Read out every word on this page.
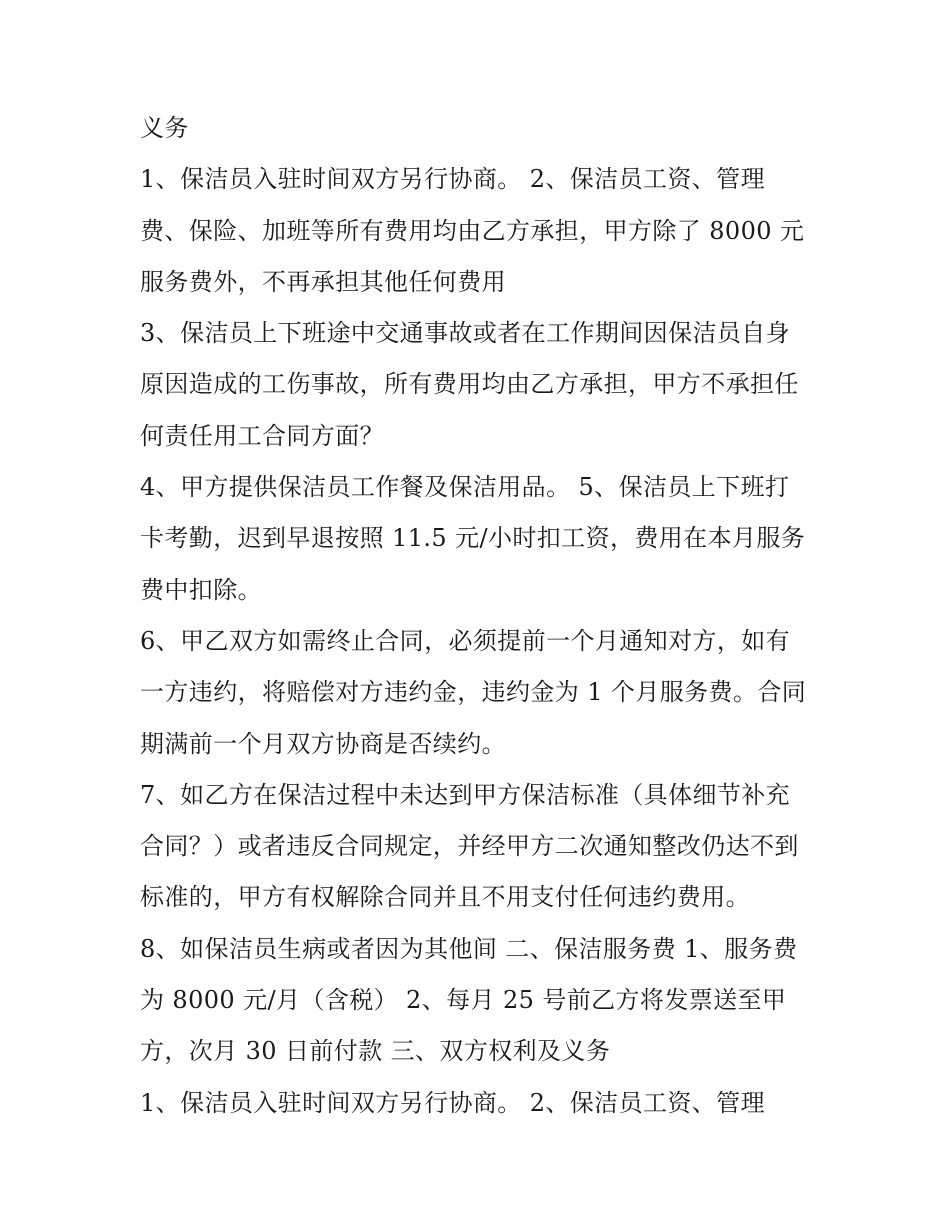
义务
1、保洁员入驻时间双方另行协商。 2、保洁员工资、管理
费、保险、加班等所有费用均由乙方承担，甲方除了 8000 元
服务费外，不再承担其他任何费用
3、保洁员上下班途中交通事故或者在工作期间因保洁员自身
原因造成的工伤事故，所有费用均由乙方承担，甲方不承担任
何责任用工合同方面？
4、甲方提供保洁员工作餐及保洁用品。 5、保洁员上下班打
卡考勤，迟到早退按照 11.5 元/小时扣工资，费用在本月服务
费中扣除。
6、甲乙双方如需终止合同，必须提前一个月通知对方，如有
一方违约，将赔偿对方违约金，违约金为 1 个月服务费。合同
期满前一个月双方协商是否续约。
7、如乙方在保洁过程中未达到甲方保洁标准（具体细节补充
合同？）或者违反合同规定，并经甲方二次通知整改仍达不到
标准的，甲方有权解除合同并且不用支付任何违约费用。
8、如保洁员生病或者因为其他间 二、保洁服务费 1、服务费
为 8000 元/月（含税） 2、每月 25 号前乙方将发票送至甲
方，次月 30 日前付款 三、双方权利及义务
1、保洁员入驻时间双方另行协商。 2、保洁员工资、管理
